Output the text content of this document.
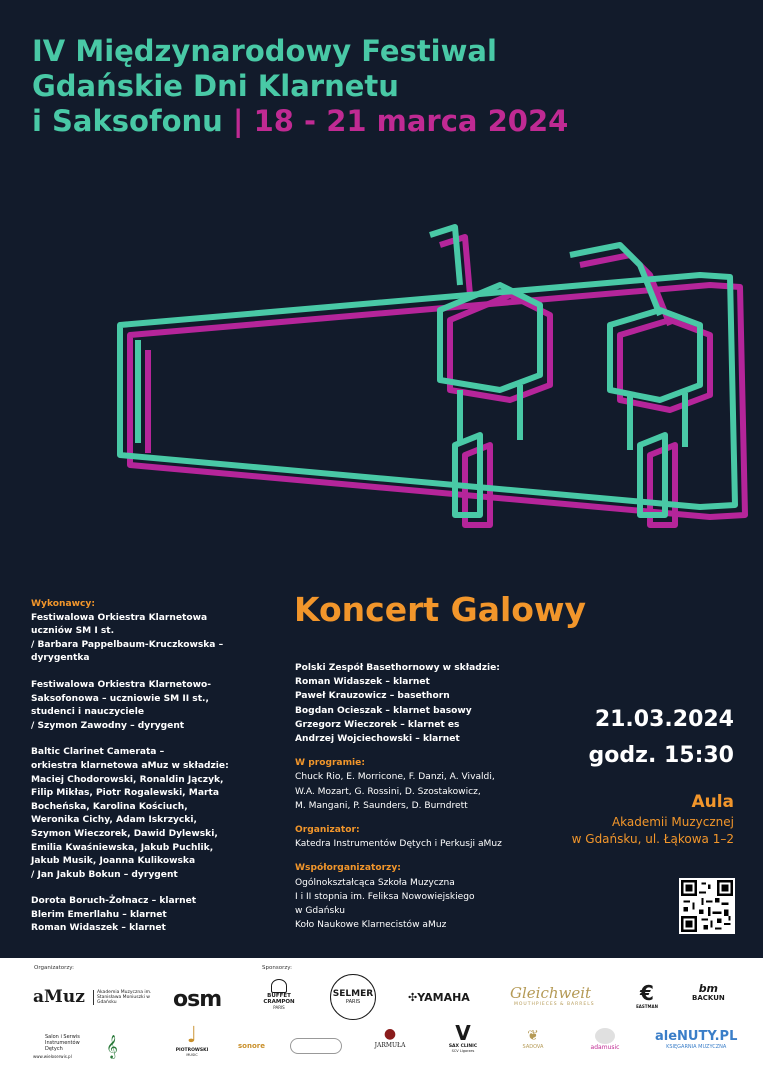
IV Międzynarodowy Festiwal
Gdańskie Dni Klarnetu
i Saksofonu | 18 - 21 marca 2024
Wykonawcy:
Festiwalowa Orkiestra Klarnetowa
uczniów SM I st.
/ Barbara Pappelbaum-Kruczkowska –
dyrygentka
Festiwalowa Orkiestra Klarnetowo-
Saksofonowa – uczniowie SM II st.,
studenci i nauczyciele
/ Szymon Zawodny – dyrygent
Baltic Clarinet Camerata –
orkiestra klarnetowa aMuz w składzie:
Maciej Chodorowski, Ronaldin Jączyk,
Filip Mikłas, Piotr Rogalewski, Marta
Bocheńska, Karolina Kościuch,
Weronika Cichy, Adam Iskrzycki,
Szymon Wieczorek, Dawid Dylewski,
Emilia Kwaśniewska, Jakub Puchlik,
Jakub Musik, Joanna Kulikowska
/ Jan Jakub Bokun – dyrygent
Dorota Boruch-Żołnacz – klarnet
Blerim Emerllahu – klarnet
Roman Widaszek – klarnet
Koncert Galowy
Polski Zespół Basethornowy w składzie:
Roman Widaszek – klarnet
Paweł Krauzowicz – basethorn
Bogdan Ocieszak – klarnet basowy
Grzegorz Wieczorek – klarnet es
Andrzej Wojciechowski – klarnet
W programie:
Chuck Rio, E. Morricone, F. Danzi, A. Vivaldi,
W.A. Mozart, G. Rossini, D. Szostakowicz,
M. Mangani, P. Saunders, D. Burndrett
Organizator:
Katedra Instrumentów Dętych i Perkusji aMuz
Współorganizatorzy:
Ogólnokształcąca Szkoła Muzyczna
I i II stopnia im. Feliksa Nowowiejskiego
w Gdańsku
Koło Naukowe Klarnecistów aMuz
21.03.2024
godz. 15:30
Aula
Akademii Muzycznej
w Gdańsku, ul. Łąkowa 1–2
Organizatorzy:	Sponsorzy:
aMuz	Akademia Muzyczna im. Stanisława Moniuszki w Gdańsku	osm	BUFFET CRAMPON
PARIS
SELMER
PARIS	✣YAMAHA	Gleichweit
MOUTHPIECES & BARRELS	€
EASTMAN
bm
BACKUN
Salon i Serwis Instrumentów Dętych
www.wieloserwis.pl	𝄞	♩
PIOTROWSKI
MUSIC
sonore
●
JARMUŁA
V
SAX CLINIC
SCV Ligorzes
❦
SADOVA	adamusic
aleNUTY.PL
KSIĘGARNIA MUZYCZNA
